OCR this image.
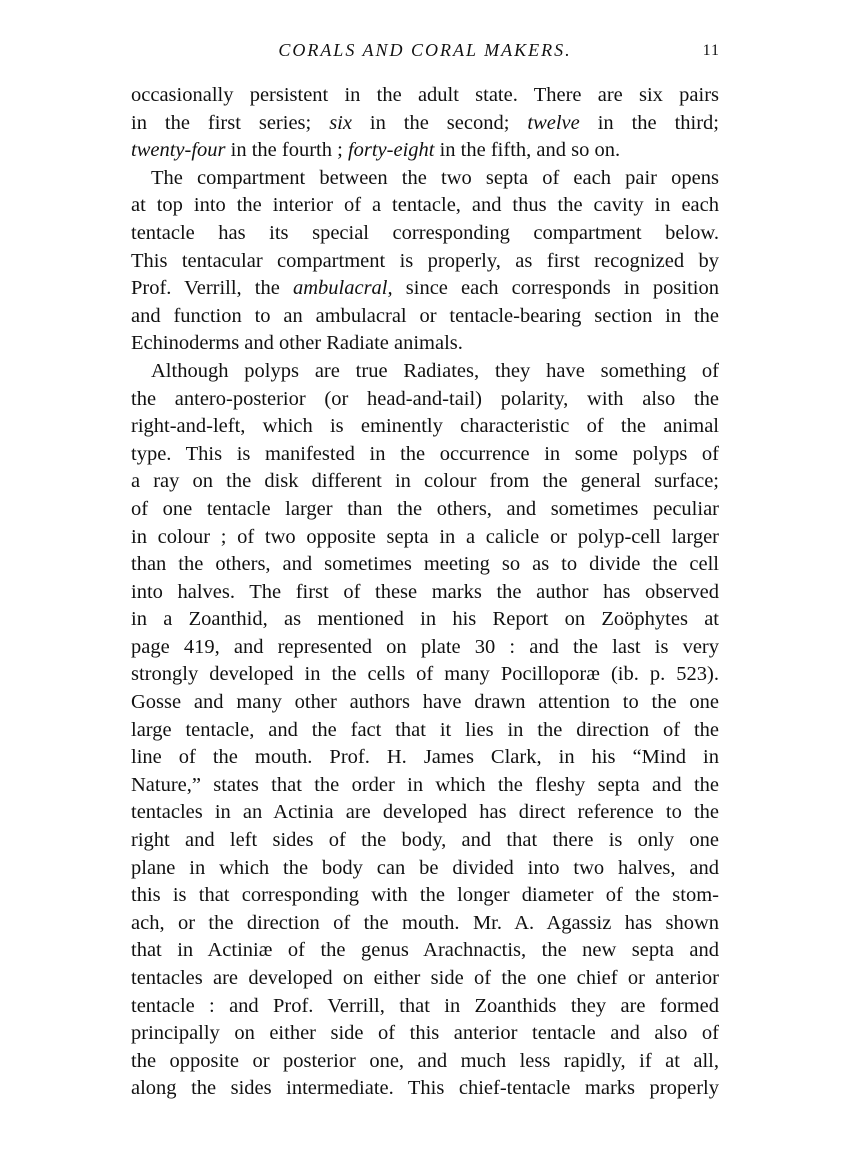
CORALS AND CORAL MAKERS.	11
occasionally persistent in the adult state. There are six pairs
in the first series; six in the second; twelve in the third;
twenty-four in the fourth ; forty-eight in the fifth, and so on.
The compartment between the two septa of each pair opens
at top into the interior of a tentacle, and thus the cavity in each
tentacle has its special corresponding compartment below.
This tentacular compartment is properly, as first recognized by
Prof. Verrill, the ambulacral, since each corresponds in position
and function to an ambulacral or tentacle-bearing section in the
Echinoderms and other Radiate animals.
Although polyps are true Radiates, they have something of
the antero-posterior (or head-and-tail) polarity, with also the
right-and-left, which is eminently characteristic of the animal
type. This is manifested in the occurrence in some polyps of
a ray on the disk different in colour from the general surface;
of one tentacle larger than the others, and sometimes peculiar
in colour ; of two opposite septa in a calicle or polyp-cell larger
than the others, and sometimes meeting so as to divide the cell
into halves. The first of these marks the author has observed
in a Zoanthid, as mentioned in his Report on Zoöphytes at
page 419, and represented on plate 30 : and the last is very
strongly developed in the cells of many Pocilloporæ (ib. p. 523).
Gosse and many other authors have drawn attention to the one
large tentacle, and the fact that it lies in the direction of the
line of the mouth. Prof. H. James Clark, in his “Mind in
Nature,” states that the order in which the fleshy septa and the
tentacles in an Actinia are developed has direct reference to the
right and left sides of the body, and that there is only one
plane in which the body can be divided into two halves, and
this is that corresponding with the longer diameter of the stom-
ach, or the direction of the mouth. Mr. A. Agassiz has shown
that in Actiniæ of the genus Arachnactis, the new septa and
tentacles are developed on either side of the one chief or anterior
tentacle : and Prof. Verrill, that in Zoanthids they are formed
principally on either side of this anterior tentacle and also of
the opposite or posterior one, and much less rapidly, if at all,
along the sides intermediate. This chief-tentacle marks properly
